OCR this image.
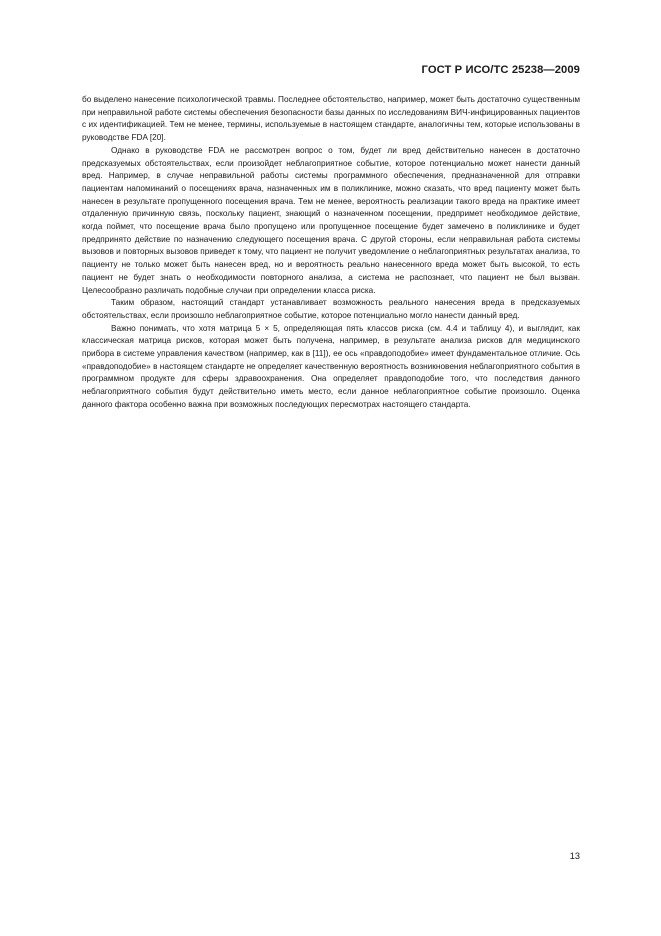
ГОСТ Р ИСО/ТС 25238—2009

бо выделено нанесение психологической травмы. Последнее обстоятельство, например, может быть достаточно существенным при неправильной работе системы обеспечения безопасности базы данных по исследованиям ВИЧ-инфицированных пациентов с их идентификацией. Тем не менее, термины, используемые в настоящем стандарте, аналогичны тем, которые использованы в руководстве FDA [20].

Однако в руководстве FDA не рассмотрен вопрос о том, будет ли вред действительно нанесен в достаточно предсказуемых обстоятельствах, если произойдет неблагоприятное событие, которое потенциально может нанести данный вред. Например, в случае неправильной работы системы программного обеспечения, предназначенной для отправки пациентам напоминаний о посещениях врача, назначенных им в поликлинике, можно сказать, что вред пациенту может быть нанесен в результате пропущенного посещения врача. Тем не менее, вероятность реализации такого вреда на практике имеет отдаленную причинную связь, поскольку пациент, знающий о назначенном посещении, предпримет необходимое действие, когда поймет, что посещение врача было пропущено или пропущенное посещение будет замечено в поликлинике и будет предпринято действие по назначению следующего посещения врача. С другой стороны, если неправильная работа системы вызовов и повторных вызовов приведет к тому, что пациент не получит уведомление о неблагоприятных результатах анализа, то пациенту не только может быть нанесен вред, но и вероятность реально нанесенного вреда может быть высокой, то есть пациент не будет знать о необходимости повторного анализа, а система не распознает, что пациент не был вызван. Целесообразно различать подобные случаи при определении класса риска.

Таким образом, настоящий стандарт устанавливает возможность реального нанесения вреда в предсказуемых обстоятельствах, если произошло неблагоприятное событие, которое потенциально могло нанести данный вред.

Важно понимать, что хотя матрица 5 × 5, определяющая пять классов риска (см. 4.4 и таблицу 4), и выглядит, как классическая матрица рисков, которая может быть получена, например, в результате анализа рисков для медицинского прибора в системе управления качеством (например, как в [11]), ее ось «правдоподобие» имеет фундаментальное отличие. Ось «правдоподобие» в настоящем стандарте не определяет качественную вероятность возникновения неблагоприятного события в программном продукте для сферы здравоохранения. Она определяет правдоподобие того, что последствия данного неблагоприятного события будут действительно иметь место, если данное неблагоприятное событие произошло. Оценка данного фактора особенно важна при возможных последующих пересмотрах настоящего стандарта.

13
